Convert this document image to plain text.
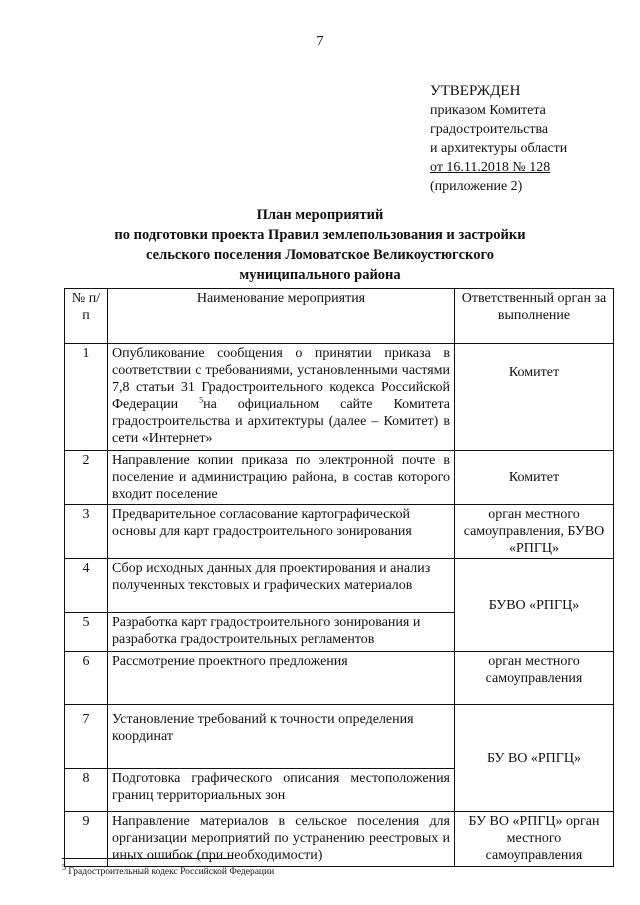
7
УТВЕРЖДЕН
приказом Комитета
градостроительства
и архитектуры области
от 16.11.2018 № 128
(приложение 2)
План мероприятий
по подготовки проекта Правил землепользования и застройки
сельского поселения Ломоватское Великоустюгского
муниципального района
№ п/п	Наименование мероприятия	Ответственный орган за выполнение
1	Опубликование сообщения о принятии приказа в соответствии с требованиями, установленными частями 7,8 статьи 31 Градостроительного кодекса Российской Федерации $^5$на официальном сайте Комитета градостроительства и архитектуры (далее – Комитет) в сети «Интернет»	Комитет
2	Направление копии приказа по электронной почте в поселение и администрацию района, в состав которого входит поселение	Комитет
3	Предварительное согласование картографической основы для карт градостроительного зонирования	орган местного самоуправления, БУВО «РПГЦ»
4	Сбор исходных данных для проектирования и анализ полученных текстовых и графических материалов	БУВО «РПГЦ»
5	Разработка карт градостроительного зонирования и разработка градостроительных регламентов	
6	Рассмотрение проектного предложения	орган местного самоуправления
7	Установление требований к точности определения координат	БУ ВО «РПГЦ»
8	Подготовка графического описания местоположения границ территориальных зон	
9	Направление материалов в сельское поселения для организации мероприятий по устранению реестровых и иных ошибок (при необходимости)	БУ ВО «РПГЦ» орган местного самоуправления
$^5$ Градостроительный кодекс Российской Федерации
